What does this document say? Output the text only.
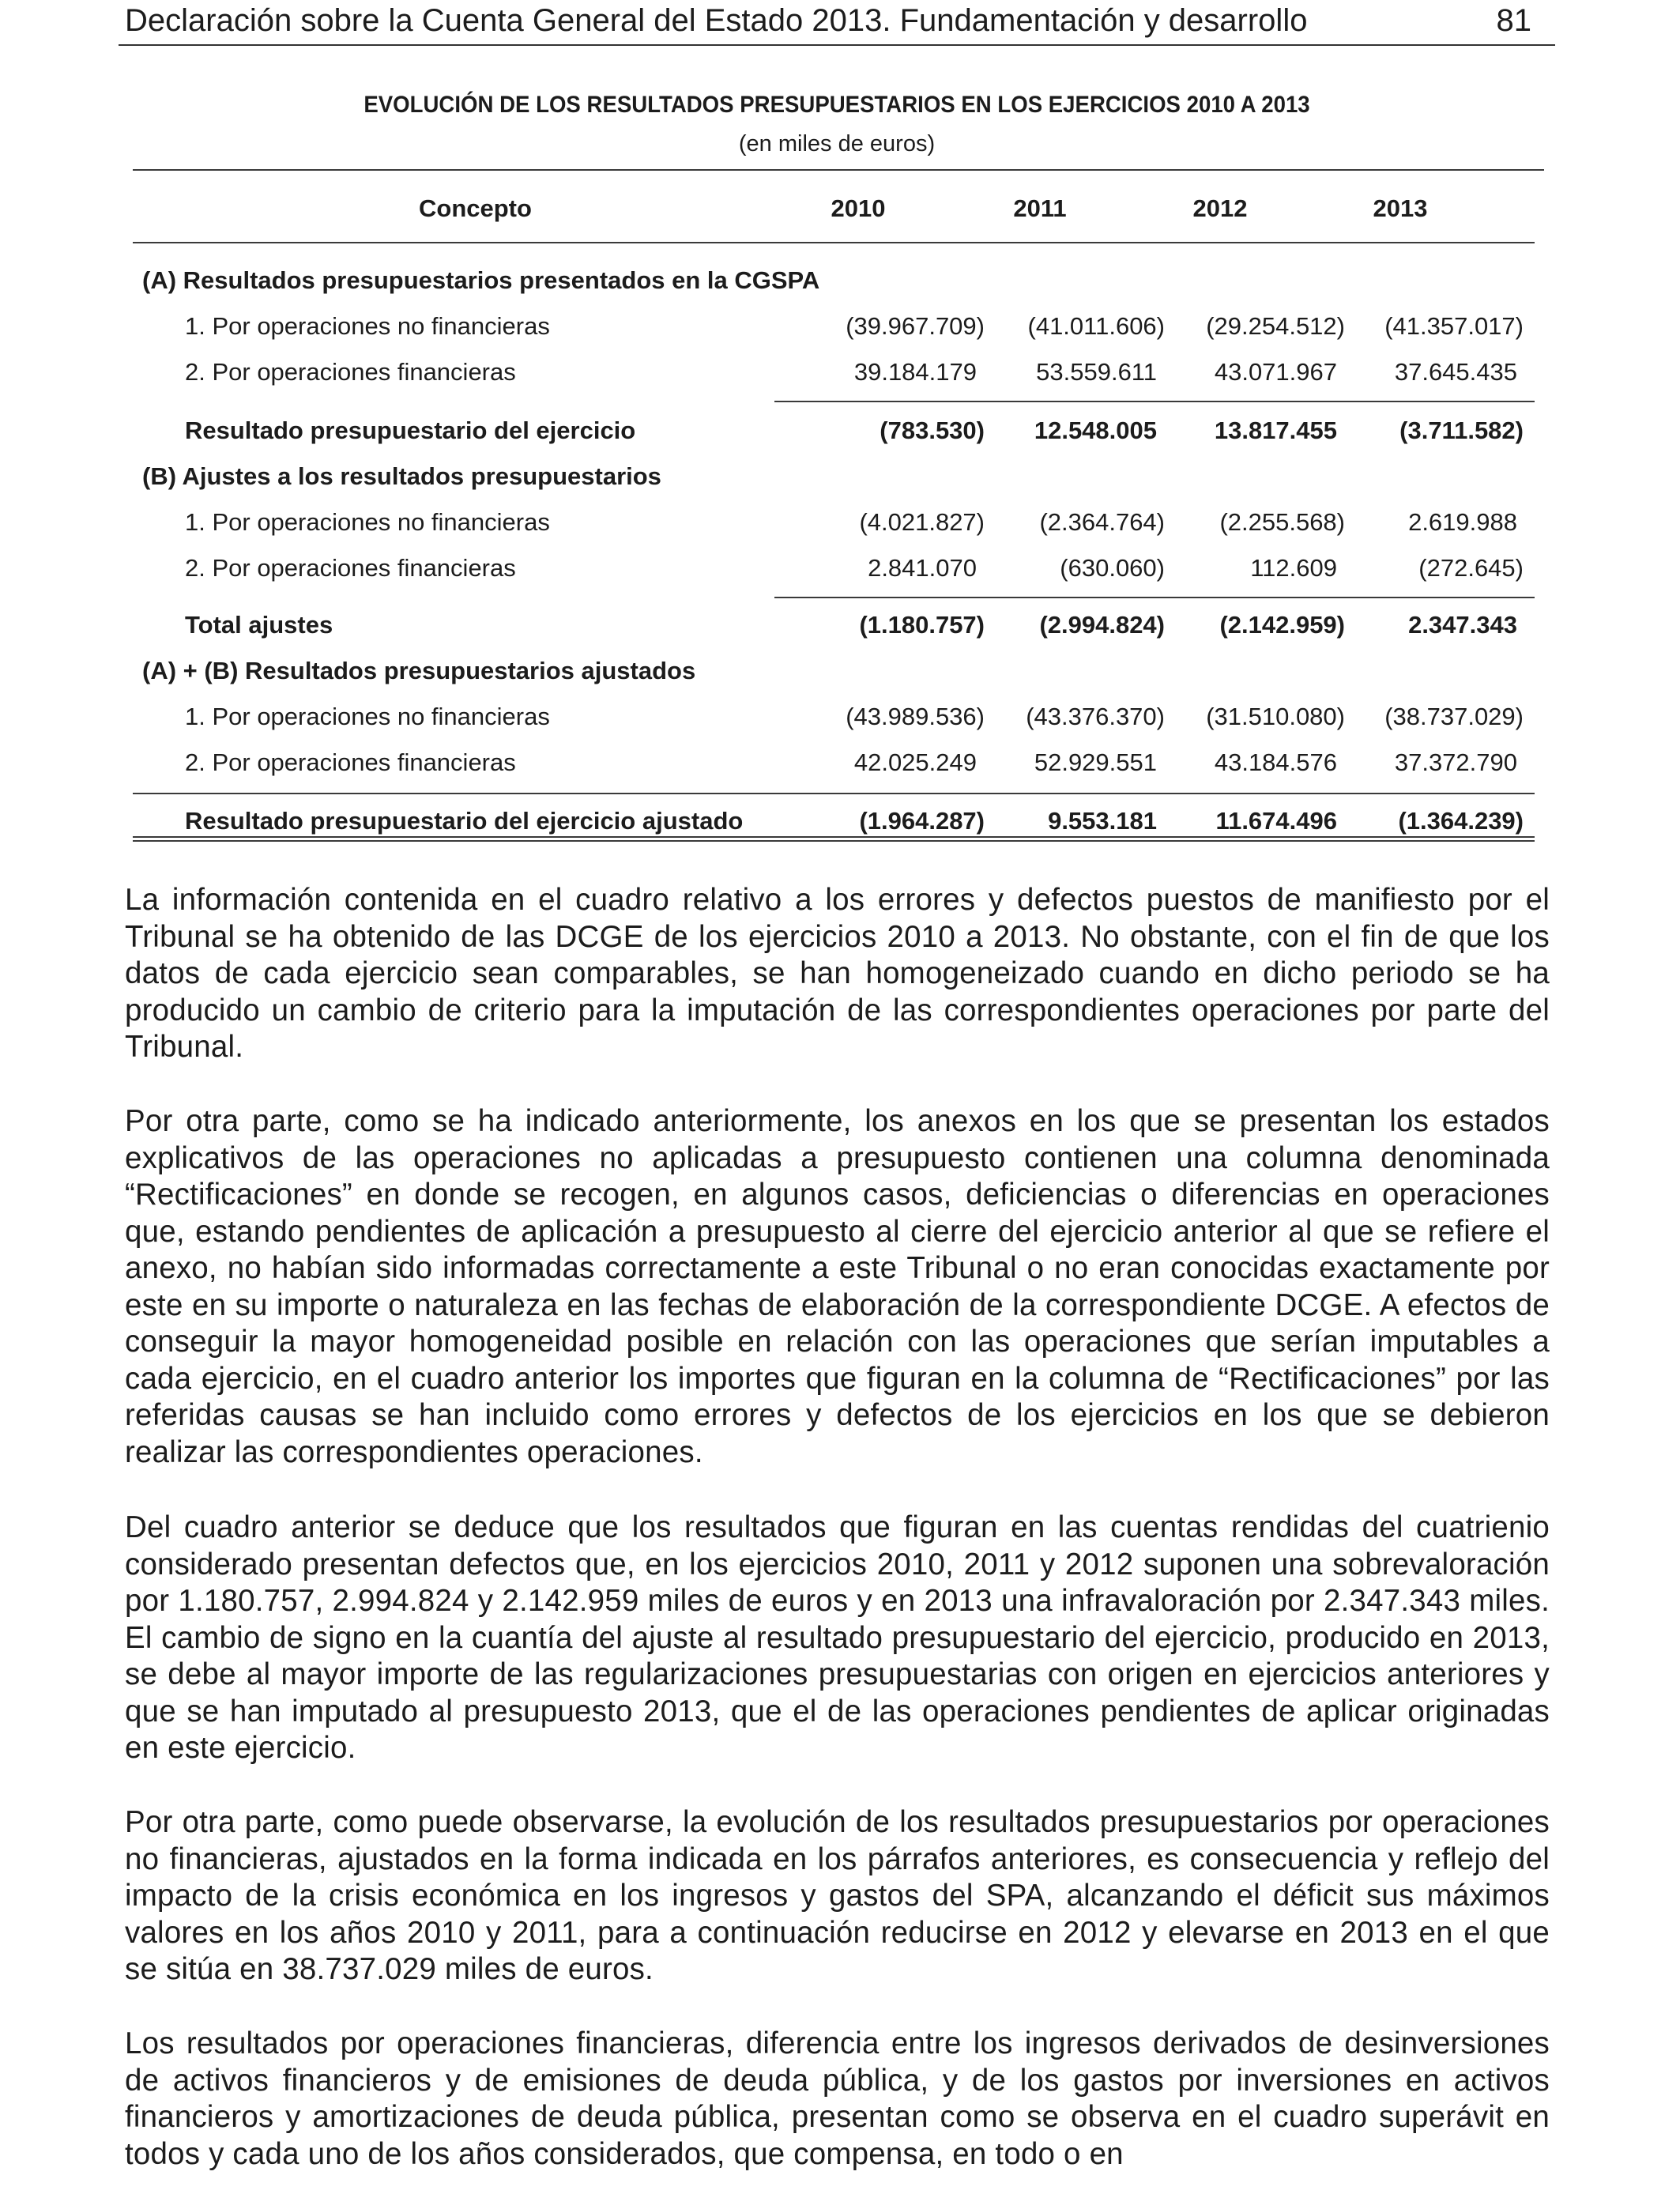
Declaración sobre la Cuenta General del Estado 2013. Fundamentación y desarrollo	81
EVOLUCIÓN DE LOS RESULTADOS PRESUPUESTARIOS EN LOS EJERCICIOS 2010 A 2013
(en miles de euros)
Concepto	2010	2011	2012	2013
(A) Resultados presupuestarios presentados en la CGSPA
1. Por operaciones no financieras	(39.967.709)	(41.011.606)	(29.254.512)	(41.357.017)
2. Por operaciones financieras	39.184.179	53.559.611	43.071.967	37.645.435
Resultado presupuestario del ejercicio	(783.530)	12.548.005	13.817.455	(3.711.582)
(B) Ajustes a los resultados presupuestarios
1. Por operaciones no financieras	(4.021.827)	(2.364.764)	(2.255.568)	2.619.988
2. Por operaciones financieras	2.841.070	(630.060)	112.609	(272.645)
Total ajustes	(1.180.757)	(2.994.824)	(2.142.959)	2.347.343
(A) + (B) Resultados presupuestarios ajustados
1. Por operaciones no financieras	(43.989.536)	(43.376.370)	(31.510.080)	(38.737.029)
2. Por operaciones financieras	42.025.249	52.929.551	43.184.576	37.372.790
Resultado presupuestario del ejercicio ajustado	(1.964.287)	9.553.181	11.674.496	(1.364.239)

La información contenida en el cuadro relativo a los errores y defectos puestos de manifiesto por el Tribunal se ha obtenido de las DCGE de los ejercicios 2010 a 2013. No obstante, con el fin de que los datos de cada ejercicio sean comparables, se han homogeneizado cuando en dicho periodo se ha producido un cambio de criterio para la imputación de las correspondientes operaciones por parte del Tribunal.

Por otra parte, como se ha indicado anteriormente, los anexos en los que se presentan los estados explicativos de las operaciones no aplicadas a presupuesto contienen una columna denominada “Rectificaciones” en donde se recogen, en algunos casos, deficiencias o diferencias en operaciones que, estando pendientes de aplicación a presupuesto al cierre del ejercicio anterior al que se refiere el anexo, no habían sido informadas correctamente a este Tribunal o no eran conocidas exactamente por este en su importe o naturaleza en las fechas de elaboración de la correspondiente DCGE. A efectos de conseguir la mayor homogeneidad posible en relación con las operaciones que serían imputables a cada ejercicio, en el cuadro anterior los importes que figuran en la columna de “Rectificaciones” por las referidas causas se han incluido como errores y defectos de los ejercicios en los que se debieron realizar las correspondientes operaciones.

Del cuadro anterior se deduce que los resultados que figuran en las cuentas rendidas del cuatrienio considerado presentan defectos que, en los ejercicios 2010, 2011 y 2012 suponen una sobrevaloración por 1.180.757, 2.994.824 y 2.142.959 miles de euros y en 2013 una infravaloración por 2.347.343 miles. El cambio de signo en la cuantía del ajuste al resultado presupuestario del ejercicio, producido en 2013, se debe al mayor importe de las regularizaciones presupuestarias con origen en ejercicios anteriores y que se han imputado al presupuesto 2013, que el de las operaciones pendientes de aplicar originadas en este ejercicio.

Por otra parte, como puede observarse, la evolución de los resultados presupuestarios por operaciones no financieras, ajustados en la forma indicada en los párrafos anteriores, es consecuencia y reflejo del impacto de la crisis económica en los ingresos y gastos del SPA, alcanzando el déficit sus máximos valores en los años 2010 y 2011, para a continuación reducirse en 2012 y elevarse en 2013 en el que se sitúa en 38.737.029 miles de euros.

Los resultados por operaciones financieras, diferencia entre los ingresos derivados de desinversiones de activos financieros y de emisiones de deuda pública, y de los gastos por inversiones en activos financieros y amortizaciones de deuda pública, presentan como se observa en el cuadro superávit en todos y cada uno de los años considerados, que compensa, en todo o en
